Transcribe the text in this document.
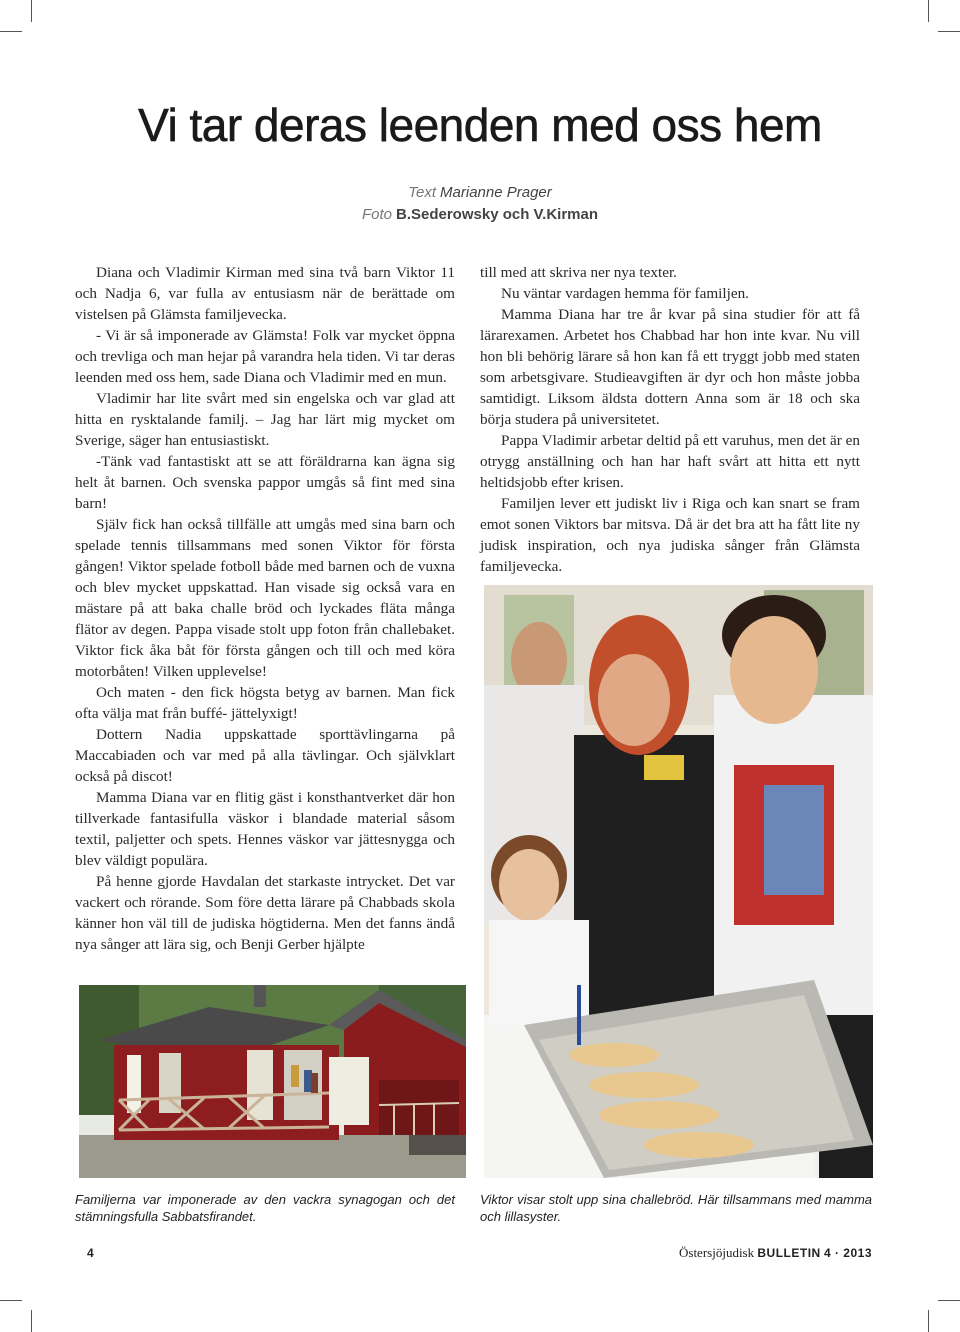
Vi tar deras leenden med oss hem
Text Marianne Prager
Foto B.Sederowsky och V.Kirman

Diana och Vladimir Kirman med sina två barn Viktor 11 och Nadja 6, var fulla av entusiasm när de berättade om vistelsen på Glämsta familjevecka.

- Vi är så imponerade av Glämsta! Folk var mycket öppna och trevliga och man hejar på varandra hela tiden. Vi tar deras leenden med oss hem, sade Diana och Vladimir med en mun.

Vladimir har lite svårt med sin engelska och var glad att hitta en rysktalande familj. – Jag har lärt mig mycket om Sverige, säger han entusiastiskt.

-Tänk vad fantastiskt att se att föräldrarna kan ägna sig helt åt barnen. Och svenska pappor umgås så fint med sina barn!

Själv fick han också tillfälle att umgås med sina barn och spelade tennis tillsammans med sonen Viktor för första gången! Viktor spelade fotboll både med barnen och de vuxna och blev mycket uppskattad. Han visade sig också vara en mästare på att baka challe bröd och lyckades fläta många flätor av degen. Pappa visade stolt upp foton från challebaket. Viktor fick åka båt för första gången och till och med köra motorbåten! Vilken upplevelse!

Och maten - den fick högsta betyg av barnen. Man fick ofta välja mat från buffé- jättelyxigt!

Dottern Nadia uppskattade sporttävlingarna på Maccabiaden och var med på alla tävlingar. Och självklart också på discot!

Mamma Diana var en flitig gäst i konsthantverket där hon tillverkade fantasifulla väskor i blandade material såsom textil, paljetter och spets. Hennes väskor var jättesnygga och blev väldigt populära.

På henne gjorde Havdalan det starkaste intrycket. Det var vackert och rörande. Som före detta lärare på Chabbads skola känner hon väl till de judiska högtiderna. Men det fanns ändå nya sånger att lära sig, och Benji Gerber hjälpte

till med att skriva ner nya texter.

Nu väntar vardagen hemma för familjen.

Mamma Diana har tre år kvar på sina studier för att få lärarexamen. Arbetet hos Chabbad har hon inte kvar. Nu vill hon bli behörig lärare så hon kan få ett tryggt jobb med staten som arbetsgivare. Studieavgiften är dyr och hon måste jobba samtidigt. Liksom äldsta dottern Anna som är 18 och ska börja studera på universitetet.

Pappa Vladimir arbetar deltid på ett varuhus, men det är en otrygg anställning och han har haft svårt att hitta ett nytt heltidsjobb efter krisen.

Familjen lever ett judiskt liv i Riga och kan snart se fram emot sonen Viktors bar mitsva. Då är det bra att ha fått lite ny judisk inspiration, och nya judiska sånger från Glämsta familjevecka.

Familjerna var imponerade av den vackra synagogan och det stämningsfulla Sabbatsfirandet.
Viktor visar stolt upp sina challebröd. Här tillsammans med mamma och lillasyster.
4	Östersjöjudisk BULLETIN 4 · 2013
